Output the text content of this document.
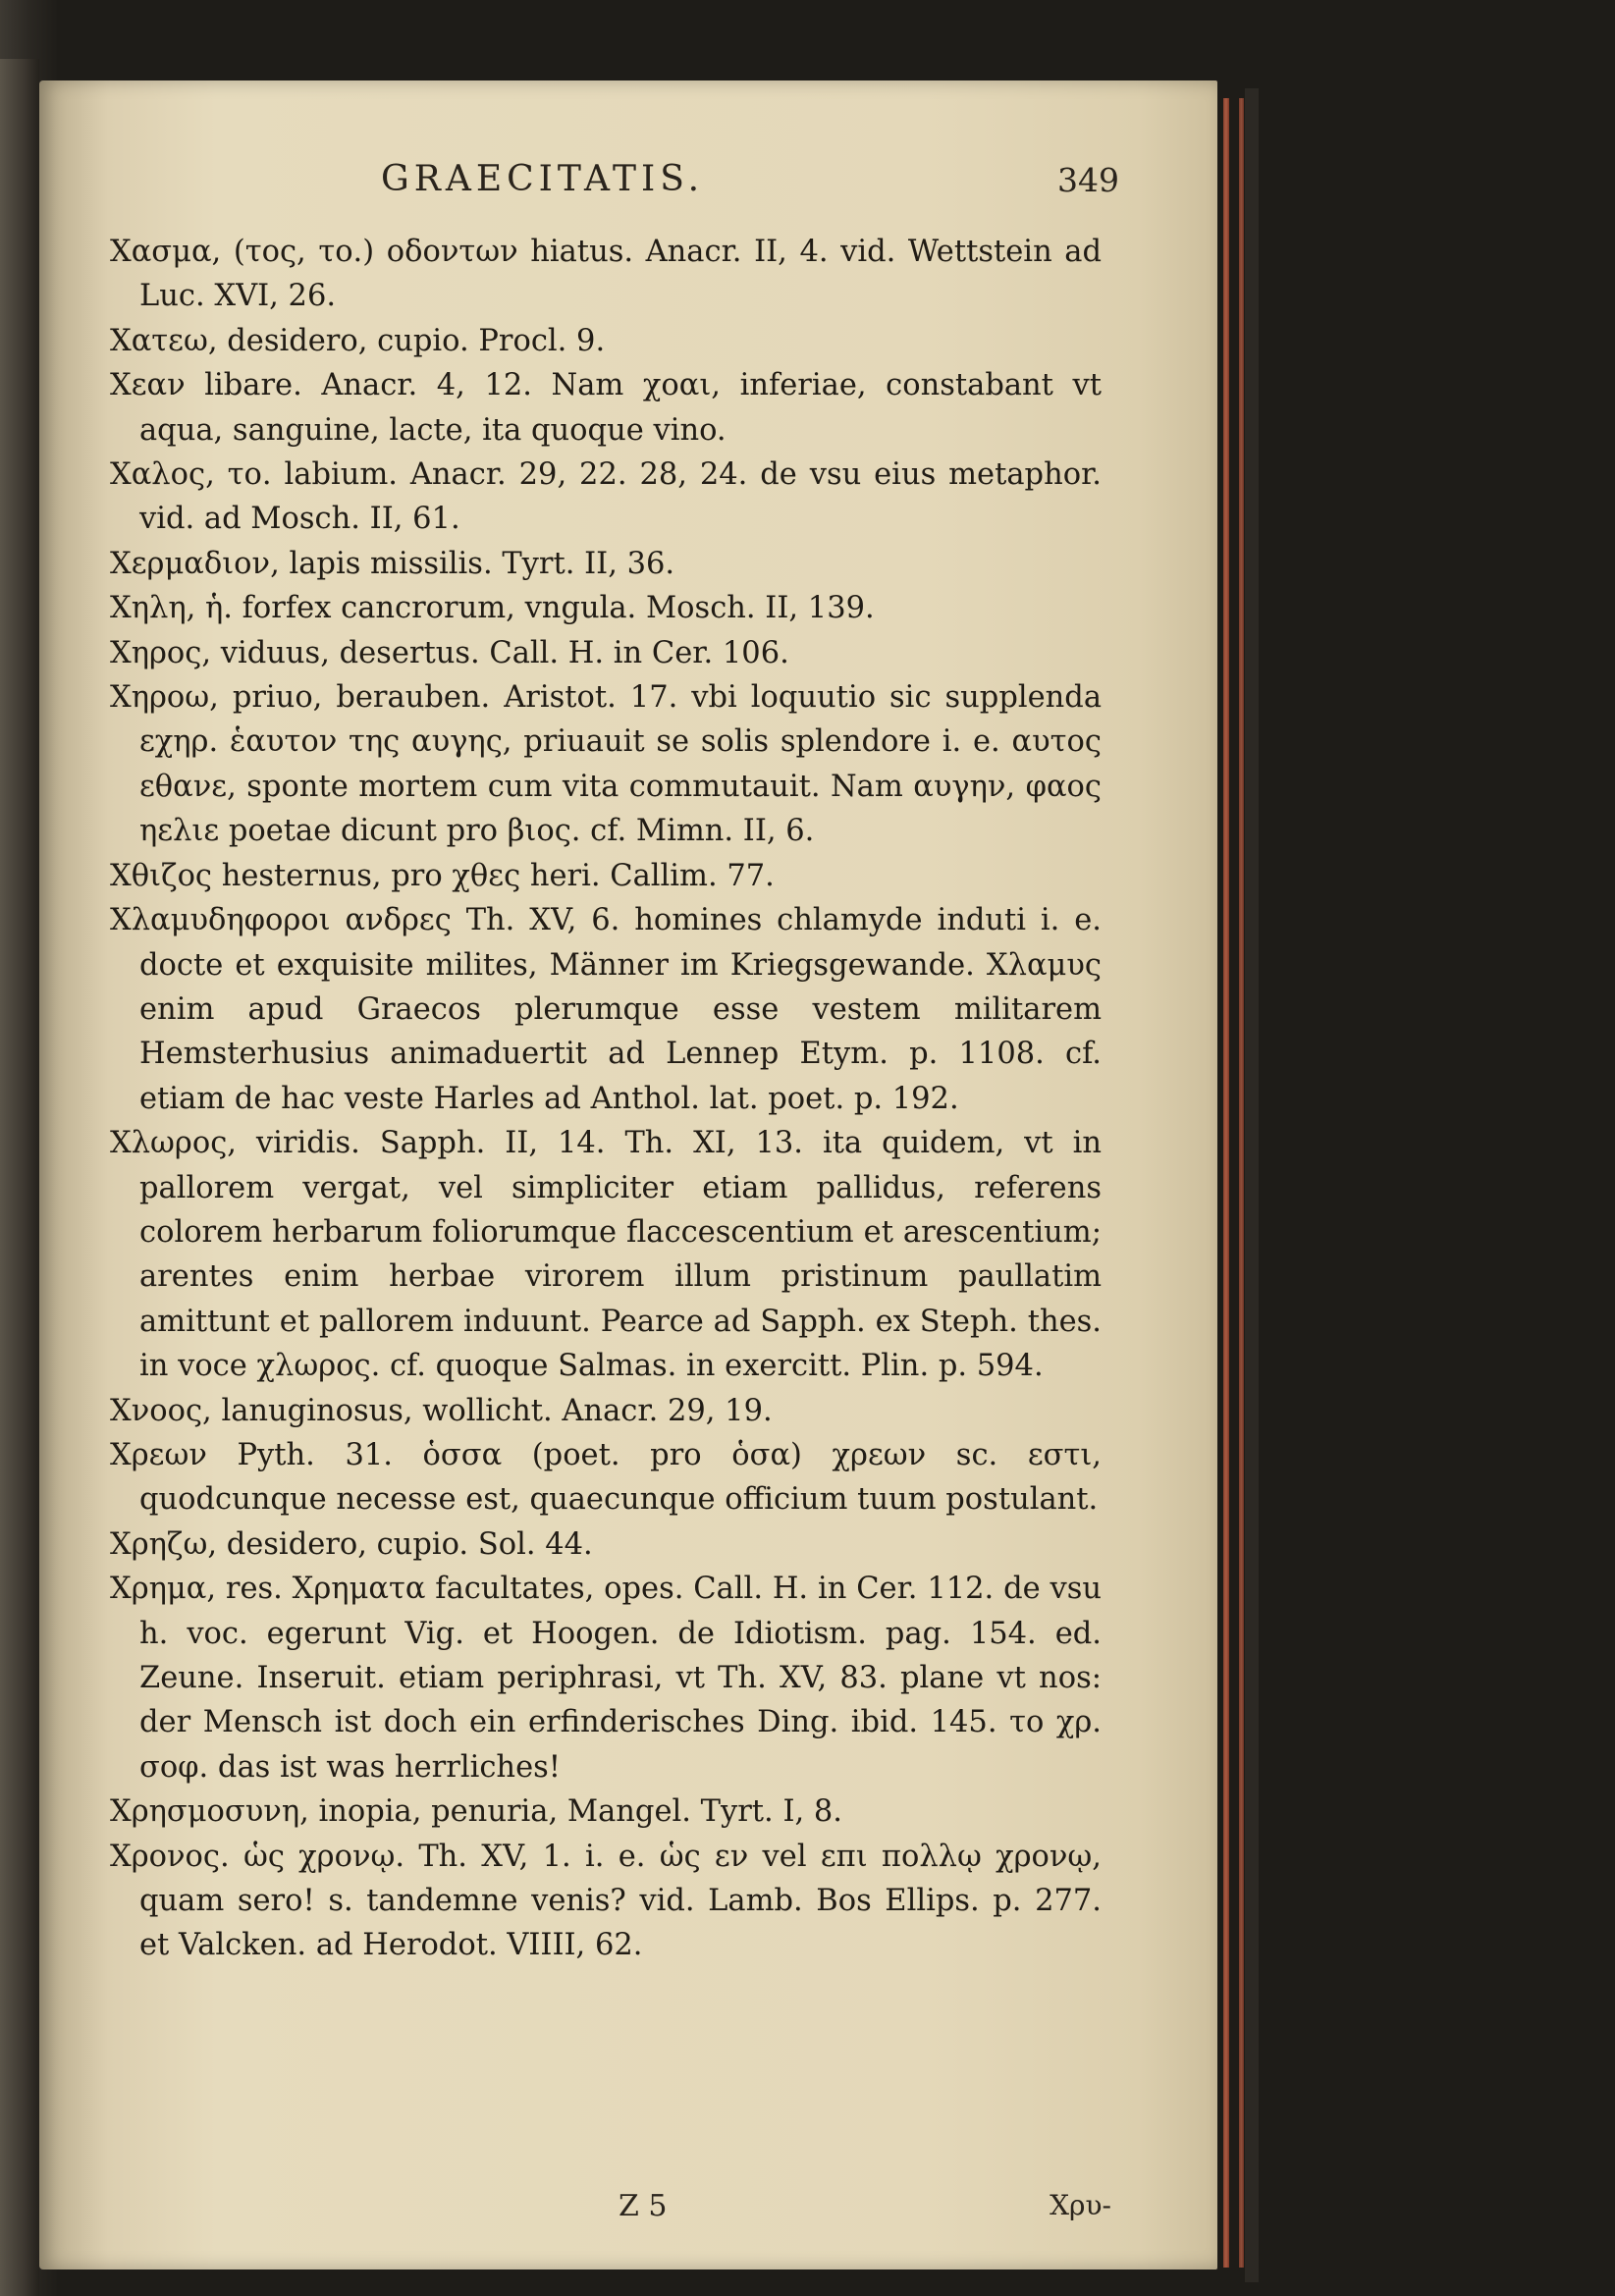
GRAECITATIS.	349
Χασμα, (τος, το.) οδοντων hiatus. Anacr. II, 4. vid. Wettstein ad Luc. XVI, 26.
Χατεω, desidero, cupio. Procl. 9.
Χεαν libare. Anacr. 4, 12. Nam χοαι, inferiae, constabant vt aqua, sanguine, lacte, ita quoque vino.
Χαλος, το. labium. Anacr. 29, 22. 28, 24. de vsu eius metaphor. vid. ad Mosch. II, 61.
Χερμαδιον, lapis missilis. Tyrt. II, 36.
Χηλη, ἡ. forfex cancrorum, vngula. Mosch. II, 139.
Χηρος, viduus, desertus. Call. H. in Cer. 106.
Χηροω, priuo, berauben. Aristot. 17. vbi loquutio sic supplenda εχηρ. ἑαυτον της αυγης, priuauit se solis splendore i. e. αυτος εθανε, sponte mortem cum vita commutauit. Nam αυγην, φαος ηελιε poetae dicunt pro βιος. cf. Mimn. II, 6.
Χθιζος hesternus, pro χθες heri. Callim. 77.
Χλαμυδηφοροι ανδρες Th. XV, 6. homines chlamyde induti i. e. docte et exquisite milites, Männer im Kriegsgewande. Χλαμυς enim apud Graecos plerumque esse vestem militarem Hemsterhusius animaduertit ad Lennep Etym. p. 1108. cf. etiam de hac veste Harles ad Anthol. lat. poet. p. 192.
Χλωρος, viridis. Sapph. II, 14. Th. XI, 13. ita quidem, vt in pallorem vergat, vel simpliciter etiam pallidus, referens colorem herbarum foliorumque flaccescentium et arescentium; arentes enim herbae virorem illum pristinum paullatim amittunt et pallorem induunt. Pearce ad Sapph. ex Steph. thes. in voce χλωρος. cf. quoque Salmas. in exercitt. Plin. p. 594.
Χνοος, lanuginosus, wollicht. Anacr. 29, 19.
Χρεων Pyth. 31. ὁσσα (poet. pro ὁσα) χρεων sc. εστι, quodcunque necesse est, quaecunque officium tuum postulant.
Χρηζω, desidero, cupio. Sol. 44.
Χρημα, res. Χρηματα facultates, opes. Call. H. in Cer. 112. de vsu h. voc. egerunt Vig. et Hoogen. de Idiotism. pag. 154. ed. Zeune. Inseruit. etiam periphrasi, vt Th. XV, 83. plane vt nos: der Mensch ist doch ein erfinderisches Ding. ibid. 145. το χρ. σοφ. das ist was herrliches!
Χρησμοσυνη, inopia, penuria, Mangel. Tyrt. I, 8.
Χρονος. ὡς χρονῳ. Th. XV, 1. i. e. ὡς εν vel επι πολλῳ χρονῳ, quam sero! s. tandemne venis? vid. Lamb. Bos Ellips. p. 277. et Valcken. ad Herodot. VIIII, 62.
Z 5	Χρυ-
